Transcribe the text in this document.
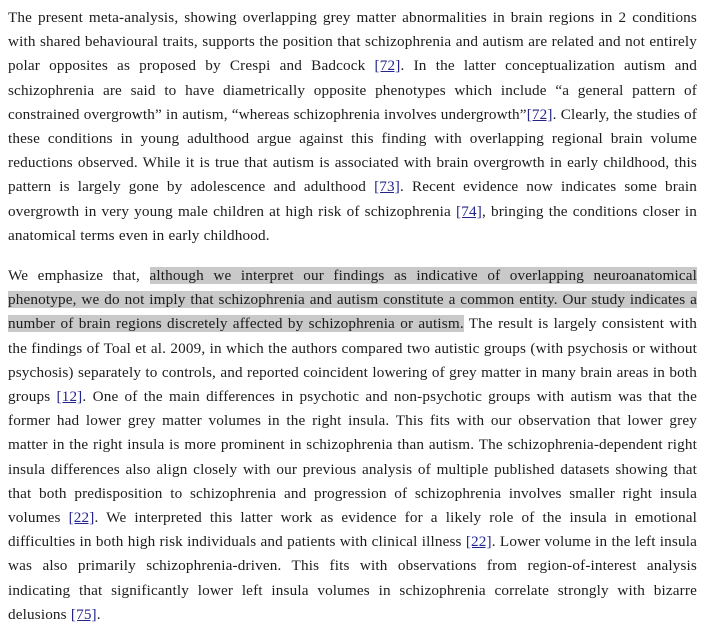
The present meta-analysis, showing overlapping grey matter abnormalities in brain regions in 2 conditions with shared behavioural traits, supports the position that schizophrenia and autism are related and not entirely polar opposites as proposed by Crespi and Badcock [72]. In the latter conceptualization autism and schizophrenia are said to have diametrically opposite phenotypes which include “a general pattern of constrained overgrowth” in autism, “whereas schizophrenia involves undergrowth”[72]. Clearly, the studies of these conditions in young adulthood argue against this finding with overlapping regional brain volume reductions observed. While it is true that autism is associated with brain overgrowth in early childhood, this pattern is largely gone by adolescence and adulthood [73]. Recent evidence now indicates some brain overgrowth in very young male children at high risk of schizophrenia [74], bringing the conditions closer in anatomical terms even in early childhood.

We emphasize that, although we interpret our findings as indicative of overlapping neuroanatomical phenotype, we do not imply that schizophrenia and autism constitute a common entity. Our study indicates a number of brain regions discretely affected by schizophrenia or autism. The result is largely consistent with the findings of Toal et al. 2009, in which the authors compared two autistic groups (with psychosis or without psychosis) separately to controls, and reported coincident lowering of grey matter in many brain areas in both groups [12]. One of the main differences in psychotic and non-psychotic groups with autism was that the former had lower grey matter volumes in the right insula. This fits with our observation that lower grey matter in the right insula is more prominent in schizophrenia than autism. The schizophrenia-dependent right insula differences also align closely with our previous analysis of multiple published datasets showing that that both predisposition to schizophrenia and progression of schizophrenia involves smaller right insula volumes [22]. We interpreted this latter work as evidence for a likely role of the insula in emotional difficulties in both high risk individuals and patients with clinical illness [22]. Lower volume in the left insula was also primarily schizophrenia-driven. This fits with observations from region-of-interest analysis indicating that significantly lower left insula volumes in schizophrenia correlate strongly with bizarre delusions [75].
